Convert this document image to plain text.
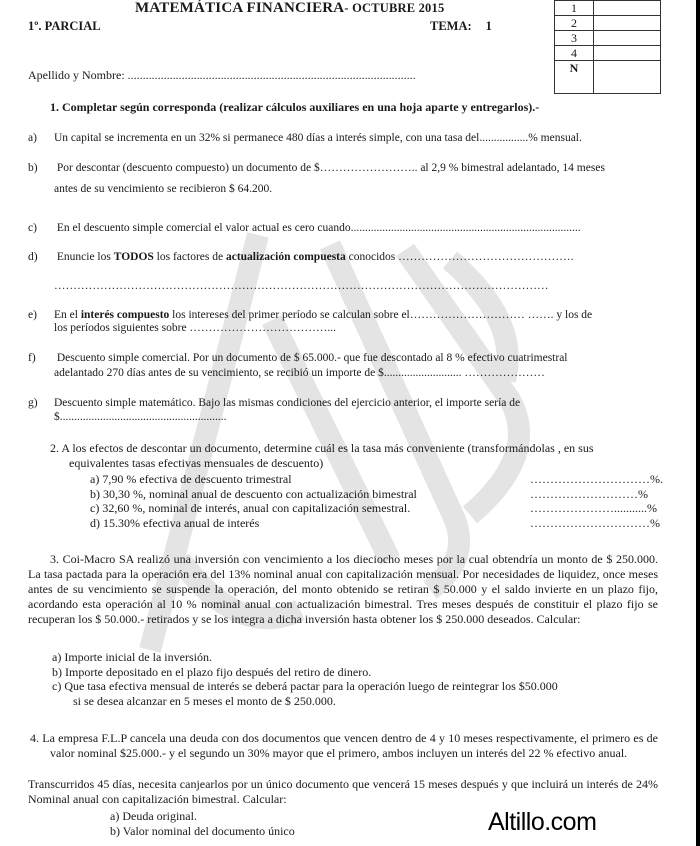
MATEMÁTICA FINANCIERA- OCTUBRE 2015
1º. PARCIAL	TEMA: 1
Apellido y Nombre: ................................................................................................
1	
2	
3	
4	
N	
1. Completar según corresponda (realizar cálculos auxiliares en una hoja aparte y entregarlos).-
a) Un capital se incrementa en un 32% si permanece 480 días a interés simple, con una tasa del.................% mensual.
b) Por descontar (descuento compuesto) un documento de $…………………….. al 2,9 % bimestral adelantado, 14 meses
antes de su vencimiento se recibieron $ 64.200.
c) En el descuento simple comercial el valor actual es cero cuando................................................................................
d) Enuncie los TODOS los factores de actualización compuesta conocidos ……………………………………….
…………………………………………………………………………………………………………………
e) En el interés compuesto los intereses del primer período se calculan sobre el………………………… ……. y los de
los períodos siguientes sobre ………………………………...
f) Descuento simple comercial. Por un documento de $ 65.000.- que fue descontado al 8 % efectivo cuatrimestral
adelantado 270 días antes de su vencimiento, se recibió un importe de $........................... …………………
g) Descuento simple matemático. Bajo las mismas condiciones del ejercicio anterior, el importe sería de
$..........................................................
2. A los efectos de descontar un documento, determine cuál es la tasa más conveniente (transformándolas , en sus
equivalentes tasas efectivas mensuales de descuento)
a) 7,90 % efectiva de descuento trimestral	…………………………%.
b) 30,30 %, nominal anual de descuento con actualización bimestral	………………………%
c) 32,60 %, nominal de interés, anual con capitalización semestral.	…………………...........%
d) 15.30% efectiva anual de interés	…………………………%
3. Coi-Macro SA realizó una inversión con vencimiento a los dieciocho meses por la cual obtendría un monto de $ 250.000. La tasa pactada para la operación era del 13% nominal anual con capitalización mensual. Por necesidades de liquidez, once meses antes de su vencimiento se suspende la operación, del monto obtenido se retiran $ 50.000 y el saldo invierte en un plazo fijo, acordando esta operación al 10 % nominal anual con actualización bimestral. Tres meses después de constituir el plazo fijo se recuperan los $ 50.000.- retirados y se los integra a dicha inversión hasta obtener los $ 250.000 deseados. Calcular:
a) Importe inicial de la inversión.
b) Importe depositado en el plazo fijo después del retiro de dinero.
c) Que tasa efectiva mensual de interés se deberá pactar para la operación luego de reintegrar los $50.000
si se desea alcanzar en 5 meses el monto de $ 250.000.
4. La empresa F.L.P cancela una deuda con dos documentos que vencen dentro de 4 y 10 meses respectivamente, el primero es de valor nominal $25.000.- y el segundo un 30% mayor que el primero, ambos incluyen un interés del 22 % efectivo anual.
Transcurridos 45 días, necesita canjearlos por un único documento que vencerá 15 meses después y que incluirá un interés de 24% Nominal anual con capitalización bimestral. Calcular:
a) Deuda original.
b) Valor nominal del documento único	Altillo.com
